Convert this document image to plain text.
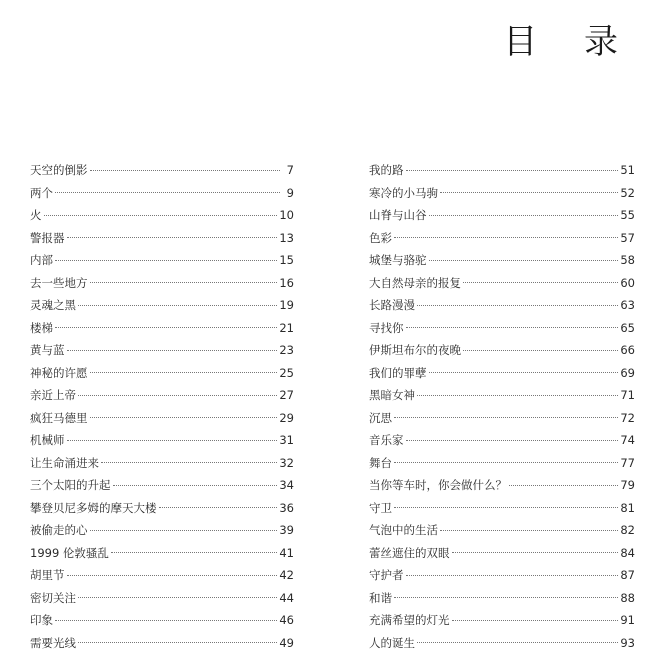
目 录
天空的倒影	7
两个	9
火	10
警报器	13
内部	15
去一些地方	16
灵魂之黑	19
楼梯	21
黄与蓝	23
神秘的许愿	25
亲近上帝	27
疯狂马德里	29
机械师	31
让生命涌进来	32
三个太阳的升起	34
攀登贝尼多姆的摩天大楼	36
被偷走的心	39
1999 伦敦骚乱	41
胡里节	42
密切关注	44
印象	46
需要光线	49
我的路	51
寒冷的小马驹	52
山脊与山谷	55
色彩	57
城堡与骆驼	58
大自然母亲的报复	60
长路漫漫	63
寻找你	65
伊斯坦布尔的夜晚	66
我们的罪孽	69
黑暗女神	71
沉思	72
音乐家	74
舞台	77
当你等车时，你会做什么？	79
守卫	81
气泡中的生活	82
蕾丝遮住的双眼	84
守护者	87
和谐	88
充满希望的灯光	91
人的诞生	93
